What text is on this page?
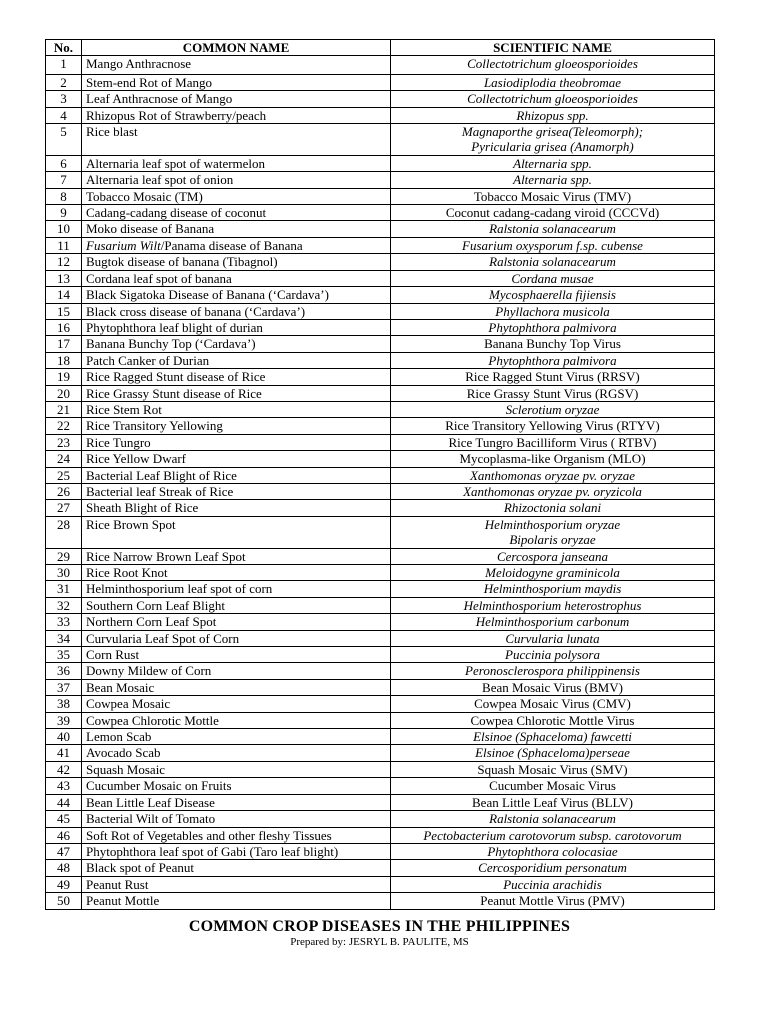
No.	COMMON NAME	SCIENTIFIC NAME
1	Mango Anthracnose	Collectotrichum gloeosporioides

2	Stem-end Rot of Mango	Lasiodiplodia theobromae

3	Leaf Anthracnose of Mango	Collectotrichum gloeosporioides

4	Rhizopus Rot of Strawberry/peach	Rhizopus spp.

5	Rice blast	Magnaporthe grisea(Teleomorph);
Pyricularia grisea (Anamorph)

6	Alternaria leaf spot of watermelon	Alternaria spp.

7	Alternaria leaf spot of onion	Alternaria spp.

8	Tobacco Mosaic (TM)	Tobacco Mosaic Virus (TMV)

9	Cadang-cadang disease of coconut	Coconut cadang-cadang viroid (CCCVd)

10	Moko disease of Banana	Ralstonia solanacearum

11	Fusarium Wilt/Panama disease of Banana	Fusarium oxysporum f.sp. cubense

12	Bugtok disease of banana (Tibagnol)	Ralstonia solanacearum

13	Cordana leaf spot of banana	Cordana musae

14	Black Sigatoka Disease of Banana (‘Cardava’)	Mycosphaerella fijiensis

15	Black cross disease of banana (‘Cardava’)	Phyllachora musicola

16	Phytophthora leaf blight of durian	Phytophthora palmivora

17	Banana Bunchy Top (‘Cardava’)	Banana Bunchy Top Virus

18	Patch Canker of Durian	Phytophthora palmivora

19	Rice Ragged Stunt disease of Rice	Rice Ragged Stunt Virus (RRSV)

20	Rice Grassy Stunt disease of Rice	Rice Grassy Stunt Virus (RGSV)

21	Rice Stem Rot	Sclerotium oryzae

22	Rice Transitory Yellowing	Rice Transitory Yellowing Virus (RTYV)

23	Rice Tungro	Rice Tungro Bacilliform Virus ( RTBV)

24	Rice Yellow Dwarf	Mycoplasma-like Organism (MLO)

25	Bacterial Leaf Blight of Rice	Xanthomonas oryzae pv. oryzae

26	Bacterial leaf Streak of Rice	Xanthomonas oryzae pv. oryzicola

27	Sheath Blight of Rice	Rhizoctonia solani

28	Rice Brown Spot	Helminthosporium oryzae
Bipolaris oryzae

29	Rice Narrow Brown Leaf Spot	Cercospora janseana

30	Rice Root Knot	Meloidogyne graminicola

31	Helminthosporium leaf spot of corn	Helminthosporium maydis

32	Southern Corn Leaf Blight	Helminthosporium heterostrophus

33	Northern Corn Leaf Spot	Helminthosporium carbonum

34	Curvularia Leaf Spot of Corn	Curvularia lunata

35	Corn Rust	Puccinia polysora

36	Downy Mildew of Corn	Peronosclerospora philippinensis

37	Bean Mosaic	Bean Mosaic Virus (BMV)

38	Cowpea Mosaic	Cowpea Mosaic Virus (CMV)

39	Cowpea Chlorotic Mottle	Cowpea Chlorotic Mottle Virus

40	Lemon Scab	Elsinoe (Sphaceloma) fawcetti

41	Avocado Scab	Elsinoe (Sphaceloma)perseae

42	Squash Mosaic	Squash Mosaic Virus (SMV)

43	Cucumber Mosaic on Fruits	Cucumber Mosaic Virus

44	Bean Little Leaf Disease	Bean Little Leaf Virus (BLLV)

45	Bacterial Wilt of Tomato	Ralstonia solanacearum

46	Soft Rot of Vegetables and other fleshy Tissues	Pectobacterium carotovorum subsp. carotovorum

47	Phytophthora leaf spot of Gabi (Taro leaf blight)	Phytophthora colocasiae

48	Black spot of Peanut	Cercosporidium personatum

49	Peanut Rust	Puccinia arachidis

50	Peanut Mottle	Peanut Mottle Virus (PMV)
COMMON CROP DISEASES IN THE PHILIPPINES
Prepared by: JESRYL B. PAULITE, MS
